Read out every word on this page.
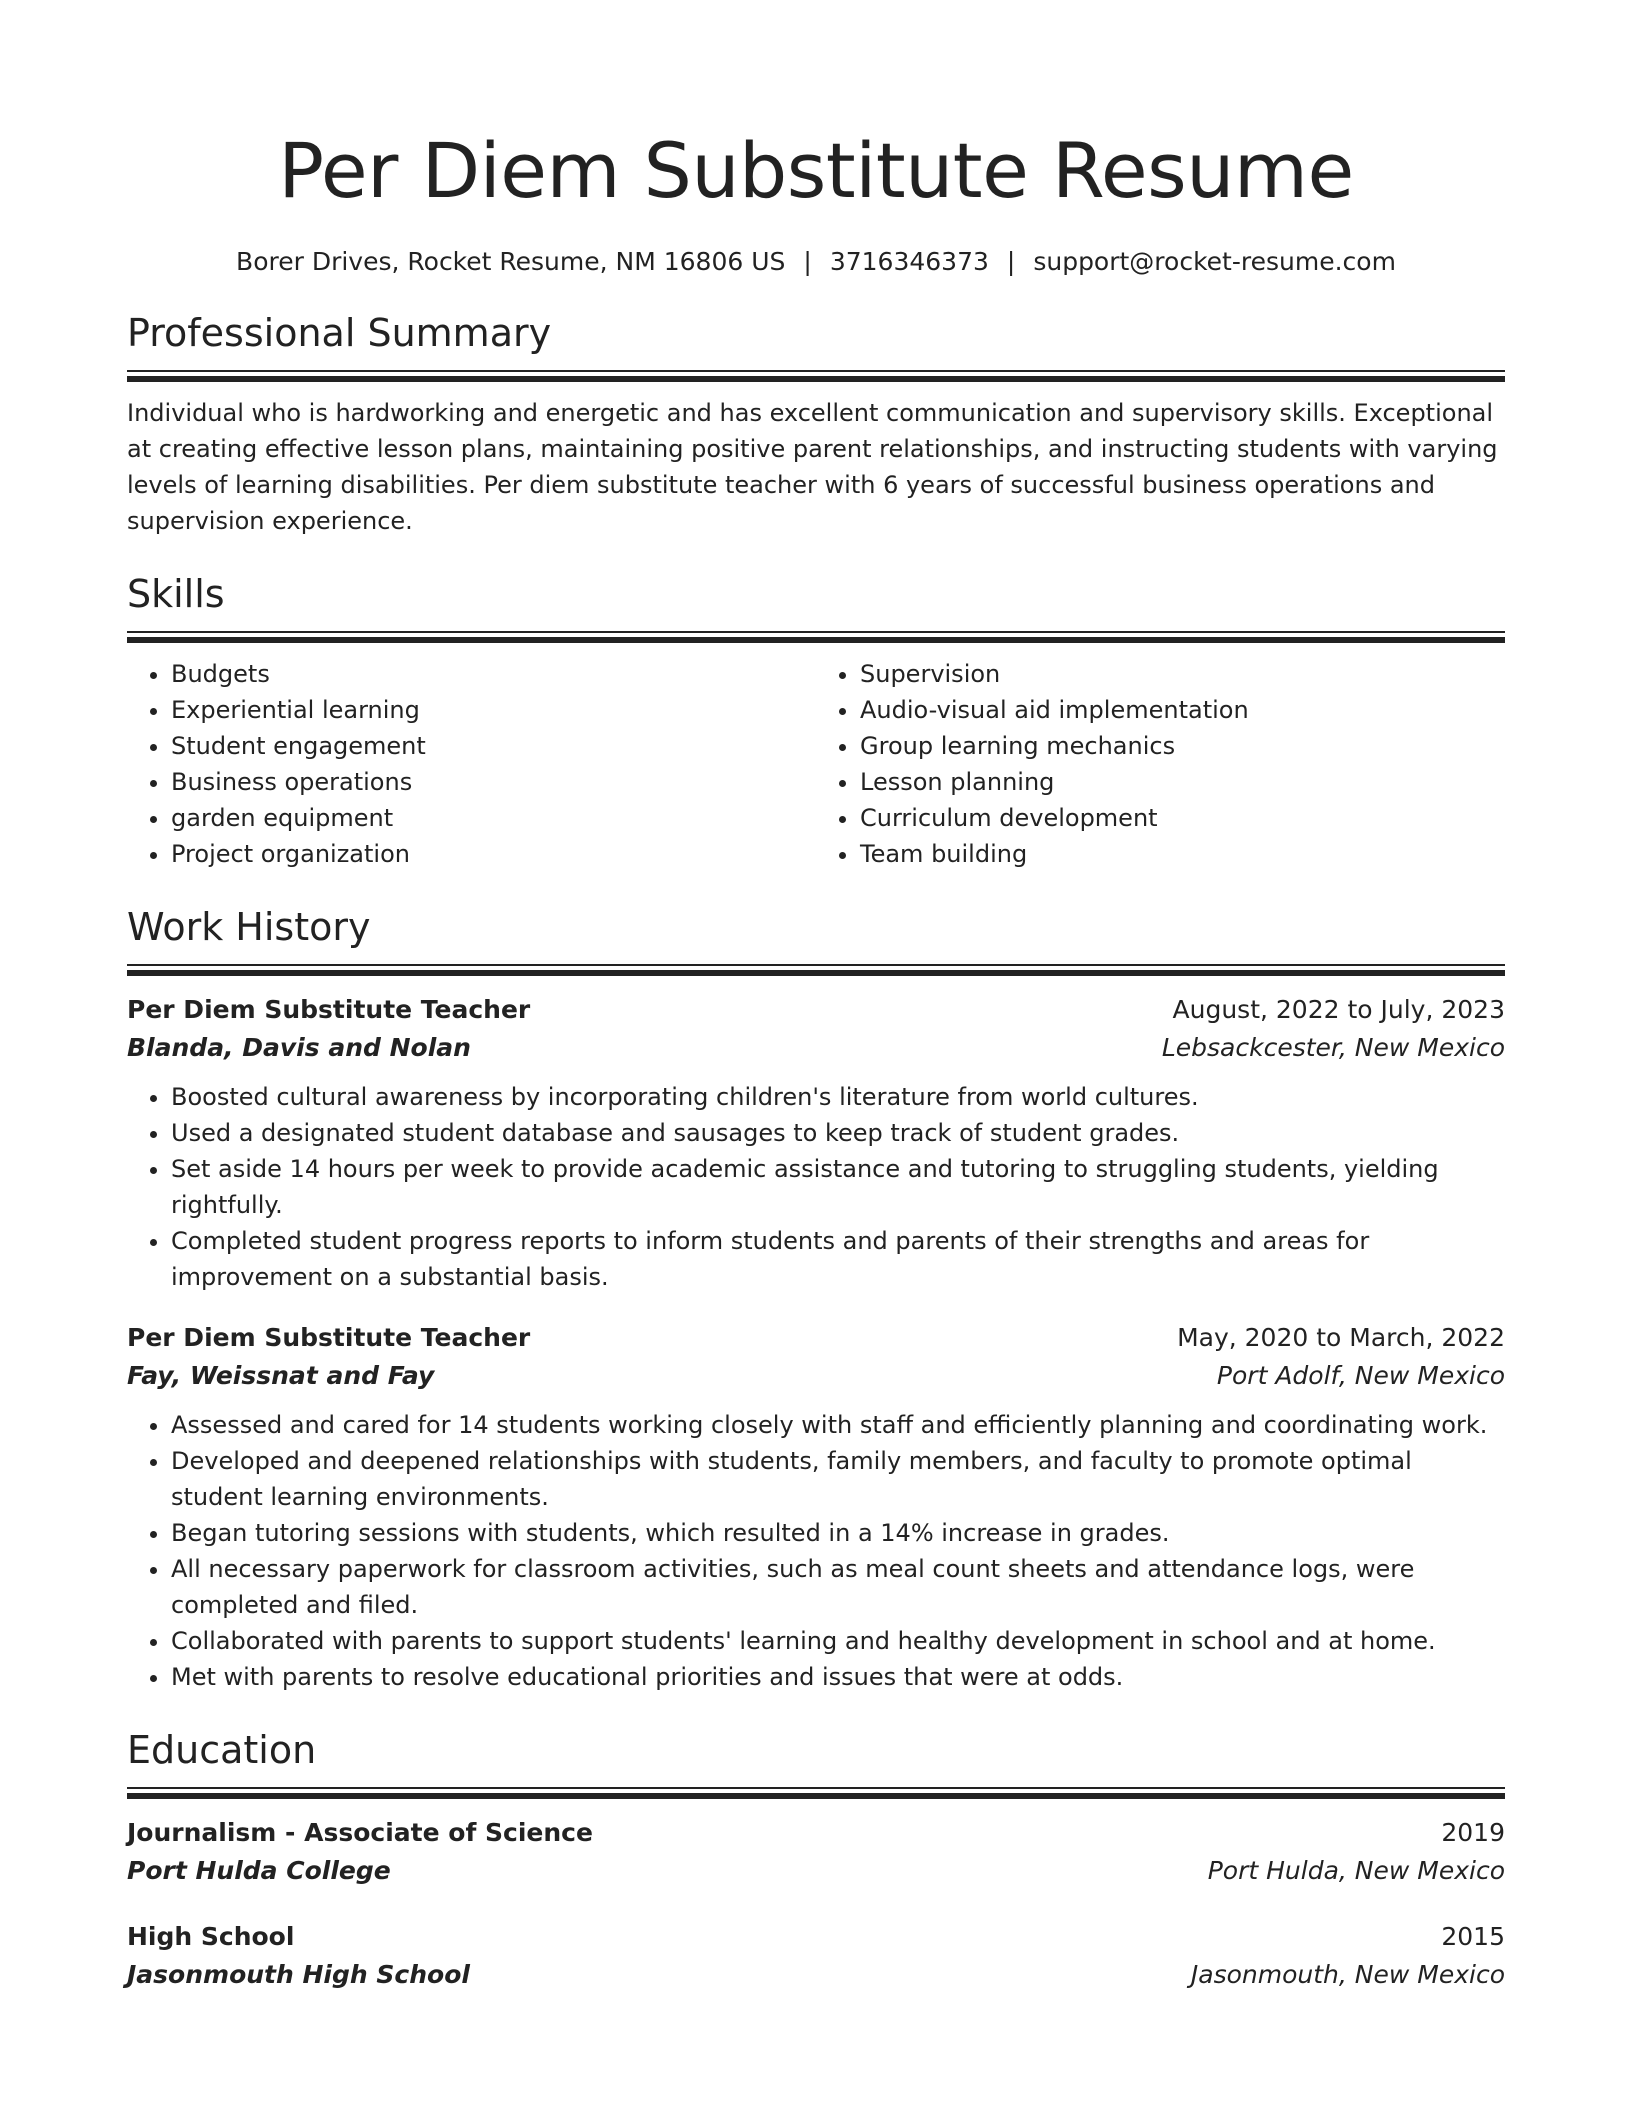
Per Diem Substitute Resume
Borer Drives, Rocket Resume, NM 16806 US | 3716346373 | support@rocket-resume.com
Professional Summary
Individual who is hardworking and energetic and has excellent communication and supervisory skills. Exceptional at creating effective lesson plans, maintaining positive parent relationships, and instructing students with varying levels of learning disabilities. Per diem substitute teacher with 6 years of successful business operations and supervision experience.
Skills
• Budgets
• Experiential learning
• Student engagement
• Business operations
• garden equipment
• Project organization
• Supervision
• Audio-visual aid implementation
• Group learning mechanics
• Lesson planning
• Curriculum development
• Team building
Work History
Per Diem Substitute Teacher	August, 2022 to July, 2023
Blanda, Davis and Nolan	Lebsackcester, New Mexico
• Boosted cultural awareness by incorporating children's literature from world cultures.
• Used a designated student database and sausages to keep track of student grades.
• Set aside 14 hours per week to provide academic assistance and tutoring to struggling students, yielding rightfully.
• Completed student progress reports to inform students and parents of their strengths and areas for improvement on a substantial basis.
Per Diem Substitute Teacher	May, 2020 to March, 2022
Fay, Weissnat and Fay	Port Adolf, New Mexico
• Assessed and cared for 14 students working closely with staff and efficiently planning and coordinating work.
• Developed and deepened relationships with students, family members, and faculty to promote optimal student learning environments.
• Began tutoring sessions with students, which resulted in a 14% increase in grades.
• All necessary paperwork for classroom activities, such as meal count sheets and attendance logs, were completed and filed.
• Collaborated with parents to support students' learning and healthy development in school and at home.
• Met with parents to resolve educational priorities and issues that were at odds.
Education
Journalism - Associate of Science	2019
Port Hulda College	Port Hulda, New Mexico
High School	2015
Jasonmouth High School	Jasonmouth, New Mexico
